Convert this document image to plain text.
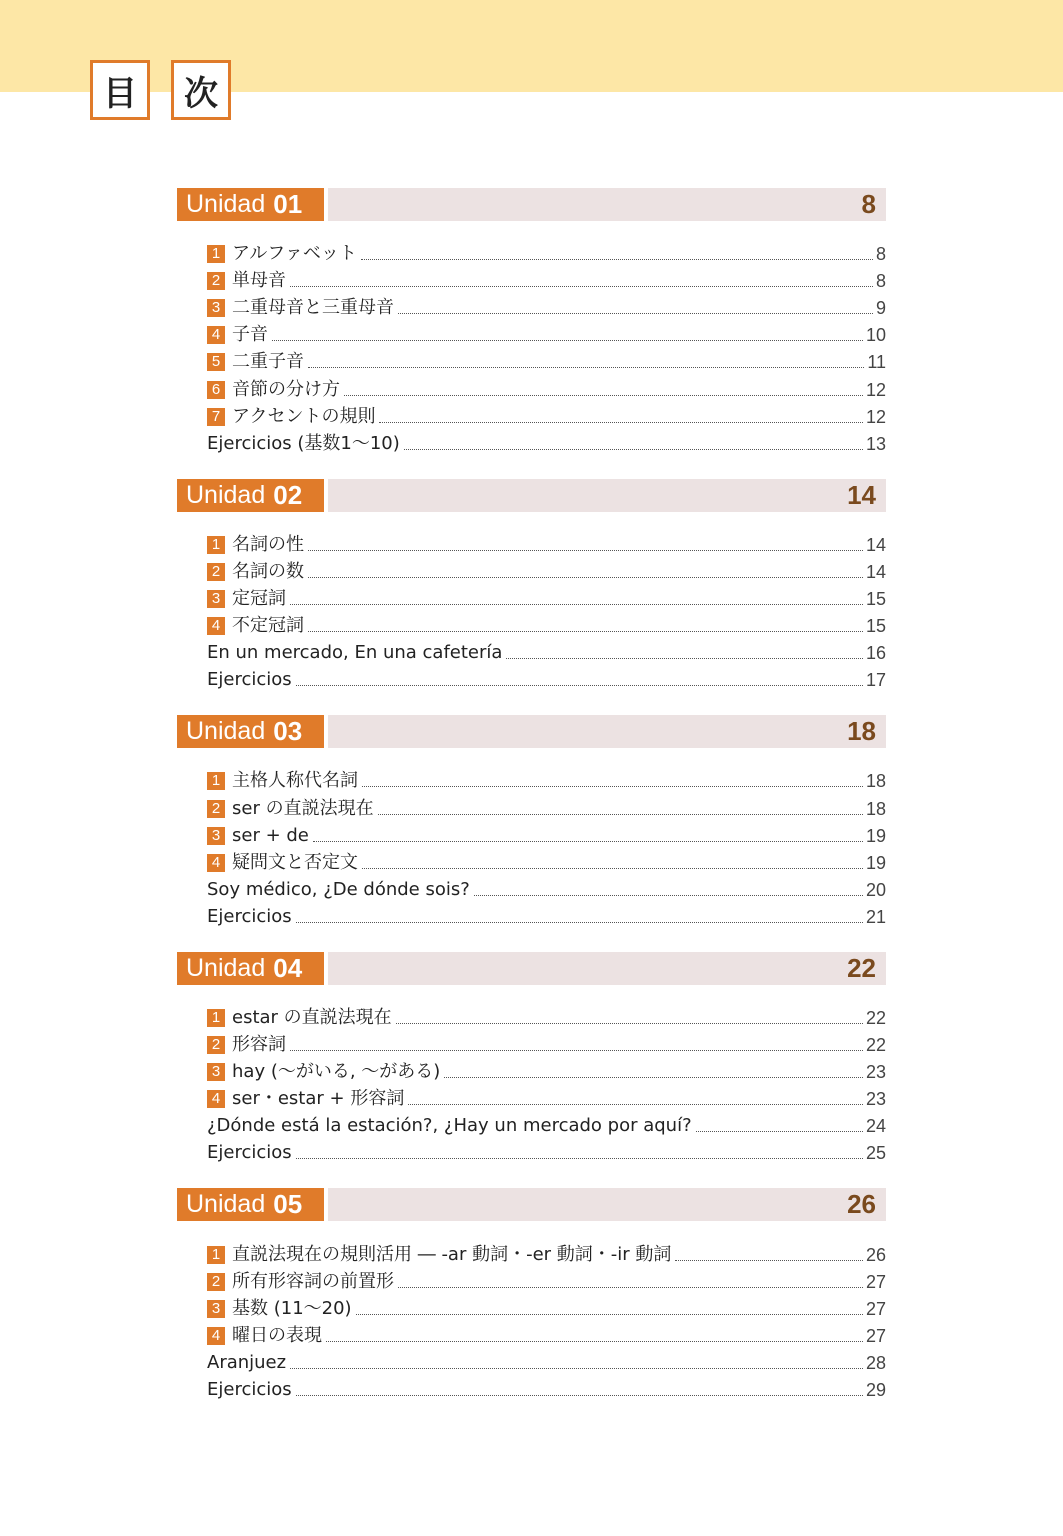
目	次
Unidad 01	8
1 アルファベット	8
2 単母音	8
3 二重母音と三重母音	9
4 子音	10
5 二重子音	11
6 音節の分け方	12
7 アクセントの規則	12
Ejercicios (基数1〜10)	13
Unidad 02	14
1 名詞の性	14
2 名詞の数	14
3 定冠詞	15
4 不定冠詞	15
En un mercado, En una cafetería	16
Ejercicios	17
Unidad 03	18
1 主格人称代名詞	18
2 ser の直説法現在	18
3 ser + de	19
4 疑問文と否定文	19
Soy médico, ¿De dónde sois?	20
Ejercicios	21
Unidad 04	22
1 estar の直説法現在	22
2 形容詞	22
3 hay (〜がいる, 〜がある)	23
4 ser・estar + 形容詞	23
¿Dónde está la estación?, ¿Hay un mercado por aquí?	24
Ejercicios	25
Unidad 05	26
1 直説法現在の規則活用 ― -ar 動詞・-er 動詞・-ir 動詞	26
2 所有形容詞の前置形	27
3 基数 (11〜20)	27
4 曜日の表現	27
Aranjuez	28
Ejercicios	29
